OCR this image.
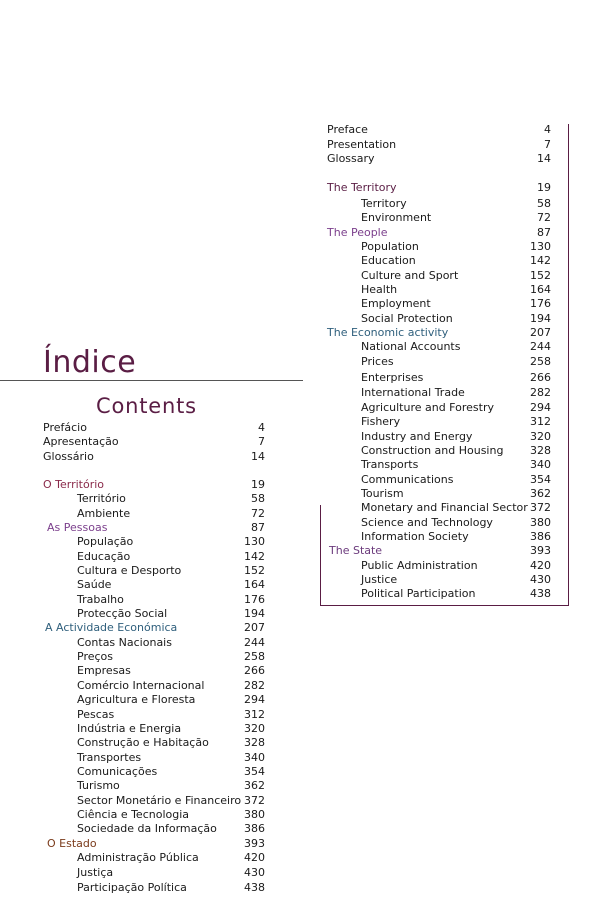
Índice
Contents
Prefácio	4
Apresentação	7
Glossário	14
O Território	19
Território	58
Ambiente	72
As Pessoas	87
População	130
Educação	142
Cultura e Desporto	152
Saúde	164
Trabalho	176
Protecção Social	194
A Actividade Económica	207
Contas Nacionais	244
Preços	258
Empresas	266
Comércio Internacional	282
Agricultura e Floresta	294
Pescas	312
Indústria e Energia	320
Construção e Habitação	328
Transportes	340
Comunicações	354
Turismo	362
Sector Monetário e Financeiro 372
Ciência e Tecnologia	380
Sociedade da Informação	386
O Estado	393
Administração Pública	420
Justiça	430
Participação Política	438
Preface	4
Presentation	7
Glossary	14
The Territory	19
Territory	58
Environment	72
The People	87
Population	130
Education	142
Culture and Sport	152
Health	164
Employment	176
Social Protection	194
The Economic activity	207
National Accounts	244
Prices	258
Enterprises	266
International Trade	282
Agriculture and Forestry	294
Fishery	312
Industry and Energy	320
Construction and Housing	328
Transports	340
Communications	354
Tourism	362
Monetary and Financial Sector 372
Science and Technology	380
Information Society	386
The State	393
Public Administration	420
Justice	430
Political Participation	438
